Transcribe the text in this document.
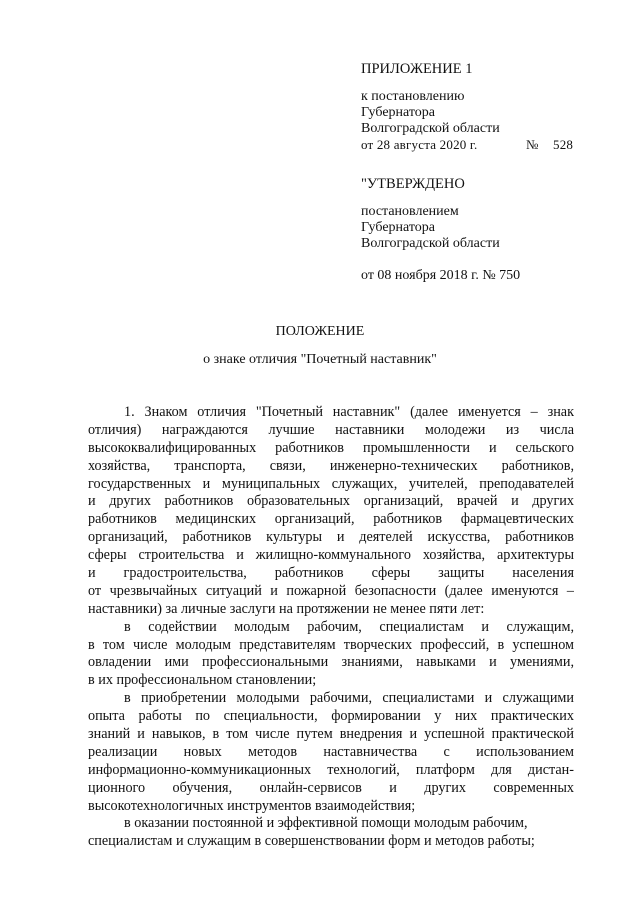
ПРИЛОЖЕНИЕ 1
к постановлению
Губернатора
Волгоградской области
от 28 августа 2020 г.	№ 528
"УТВЕРЖДЕНО
постановлением
Губернатора
Волгоградской области
от 08 ноября 2018 г. № 750
ПОЛОЖЕНИЕ
о знаке отличия "Почетный наставник"
1. Знаком отличия "Почетный наставник" (далее именуется – знак
отличия) награждаются лучшие наставники молодежи из числа
высококвалифицированных работников промышленности и сельского
хозяйства, транспорта, связи, инженерно-технических работников,
государственных и муниципальных служащих, учителей, преподавателей
и других работников образовательных организаций, врачей и других
работников медицинских организаций, работников фармацевтических
организаций, работников культуры и деятелей искусства, работников
сферы строительства и жилищно-коммунального хозяйства, архитектуры
и градостроительства, работников сферы защиты населения
от чрезвычайных ситуаций и пожарной безопасности (далее именуются –
наставники) за личные заслуги на протяжении не менее пяти лет:
в содействии молодым рабочим, специалистам и служащим,
в том числе молодым представителям творческих профессий, в успешном
овладении ими профессиональными знаниями, навыками и умениями,
в их профессиональном становлении;
в приобретении молодыми рабочими, специалистами и служащими
опыта работы по специальности, формировании у них практических
знаний и навыков, в том числе путем внедрения и успешной практической
реализации новых методов наставничества с использованием
информационно-коммуникационных технологий, платформ для дистан-
ционного обучения, онлайн-сервисов и других современных
высокотехнологичных инструментов взаимодействия;
в оказании постоянной и эффективной помощи молодым рабочим,
специалистам и служащим в совершенствовании форм и методов работы;
